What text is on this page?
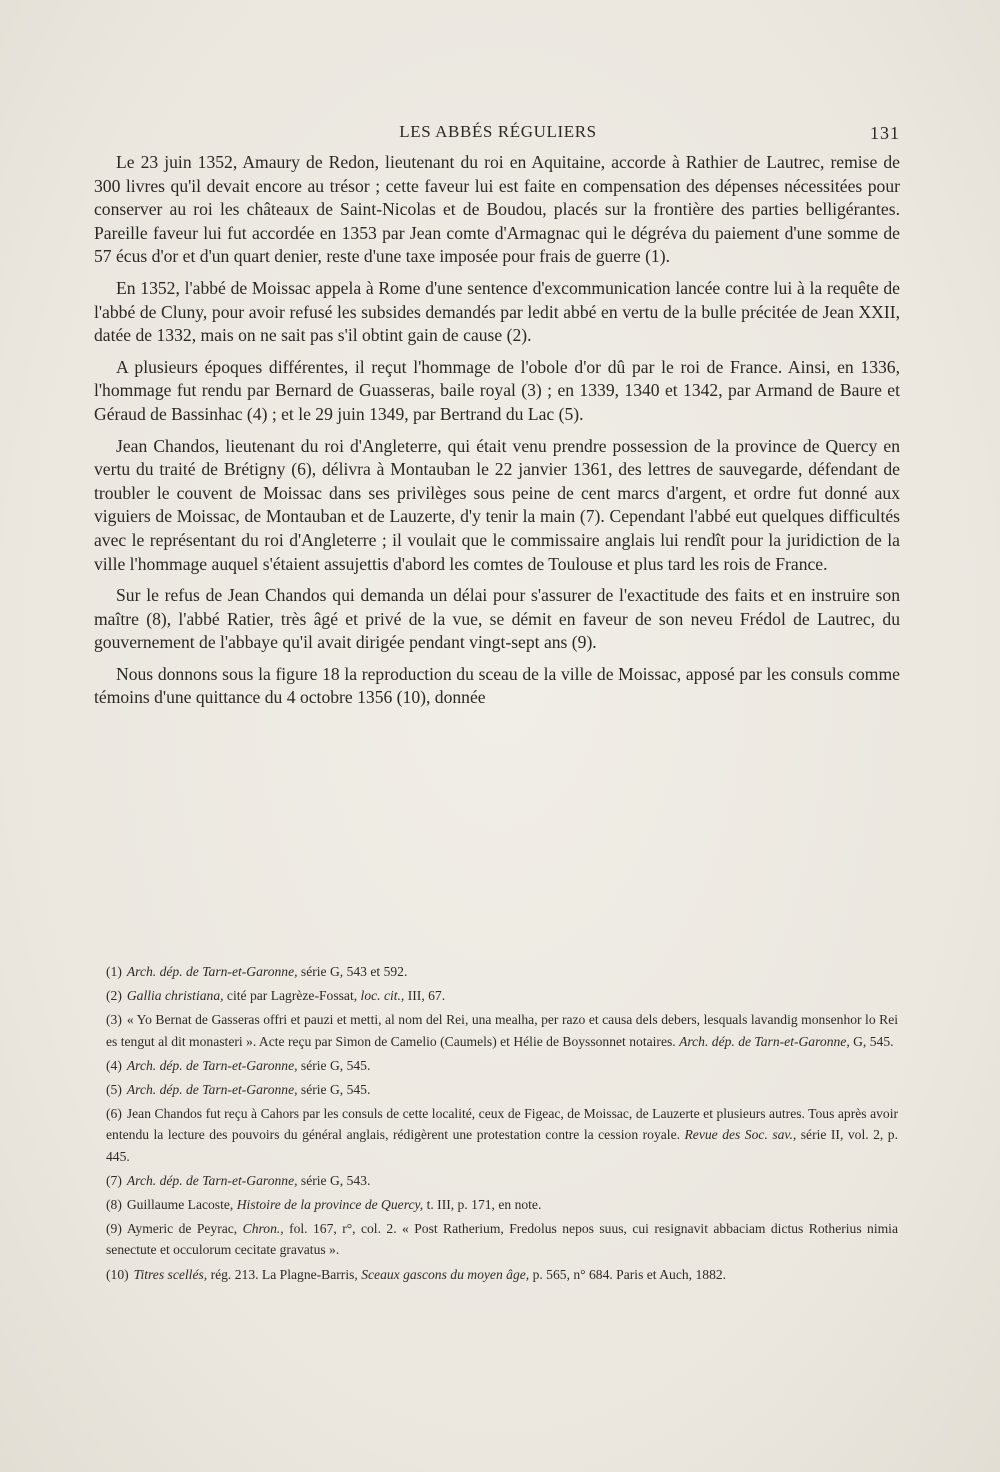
LES ABBÉS RÉGULIERS	131

Le 23 juin 1352, Amaury de Redon, lieutenant du roi en Aquitaine, accorde à Rathier de Lautrec, remise de 300 livres qu'il devait encore au trésor ; cette faveur lui est faite en compensation des dépenses nécessitées pour conserver au roi les châteaux de Saint-Nicolas et de Boudou, placés sur la frontière des parties belligérantes. Pareille faveur lui fut accordée en 1353 par Jean comte d'Armagnac qui le dégréva du paiement d'une somme de 57 écus d'or et d'un quart denier, reste d'une taxe imposée pour frais de guerre (1).

En 1352, l'abbé de Moissac appela à Rome d'une sentence d'excommunication lancée contre lui à la requête de l'abbé de Cluny, pour avoir refusé les subsides demandés par ledit abbé en vertu de la bulle précitée de Jean XXII, datée de 1332, mais on ne sait pas s'il obtint gain de cause (2).

A plusieurs époques différentes, il reçut l'hommage de l'obole d'or dû par le roi de France. Ainsi, en 1336, l'hommage fut rendu par Bernard de Guasseras, baile royal (3) ; en 1339, 1340 et 1342, par Armand de Baure et Géraud de Bassinhac (4) ; et le 29 juin 1349, par Bertrand du Lac (5).

Jean Chandos, lieutenant du roi d'Angleterre, qui était venu prendre possession de la province de Quercy en vertu du traité de Brétigny (6), délivra à Montauban le 22 janvier 1361, des lettres de sauvegarde, défendant de troubler le couvent de Moissac dans ses privilèges sous peine de cent marcs d'argent, et ordre fut donné aux viguiers de Moissac, de Montauban et de Lauzerte, d'y tenir la main (7). Cependant l'abbé eut quelques difficultés avec le représentant du roi d'Angleterre ; il voulait que le commissaire anglais lui rendît pour la juridiction de la ville l'hommage auquel s'étaient assujettis d'abord les comtes de Toulouse et plus tard les rois de France.

Sur le refus de Jean Chandos qui demanda un délai pour s'assurer de l'exactitude des faits et en instruire son maître (8), l'abbé Ratier, très âgé et privé de la vue, se démit en faveur de son neveu Frédol de Lautrec, du gouvernement de l'abbaye qu'il avait dirigée pendant vingt-sept ans (9).

Nous donnons sous la figure 18 la reproduction du sceau de la ville de Moissac, apposé par les consuls comme témoins d'une quittance du 4 octobre 1356 (10), donnée

(1) Arch. dép. de Tarn-et-Garonne, série G, 543 et 592.

(2) Gallia christiana, cité par Lagrèze-Fossat, loc. cit., III, 67.

(3) « Yo Bernat de Gasseras offri et pauzi et metti, al nom del Rei, una mealha, per razo et causa dels debers, lesquals lavandig monsenhor lo Rei es tengut al dit monasteri ». Acte reçu par Simon de Camelio (Caumels) et Hélie de Boyssonnet notaires. Arch. dép. de Tarn-et-Garonne, G, 545.

(4) Arch. dép. de Tarn-et-Garonne, série G, 545.

(5) Arch. dép. de Tarn-et-Garonne, série G, 545.

(6) Jean Chandos fut reçu à Cahors par les consuls de cette localité, ceux de Figeac, de Moissac, de Lauzerte et plusieurs autres. Tous après avoir entendu la lecture des pouvoirs du général anglais, rédigèrent une protestation contre la cession royale. Revue des Soc. sav., série II, vol. 2, p. 445.

(7) Arch. dép. de Tarn-et-Garonne, série G, 543.

(8) Guillaume Lacoste, Histoire de la province de Quercy, t. III, p. 171, en note.

(9) Aymeric de Peyrac, Chron., fol. 167, r°, col. 2. « Post Ratherium, Fredolus nepos suus, cui resignavit abbaciam dictus Rotherius nimia senectute et occulorum cecitate gravatus ».

(10) Titres scellés, rég. 213. La Plagne-Barris, Sceaux gascons du moyen âge, p. 565, n° 684. Paris et Auch, 1882.
